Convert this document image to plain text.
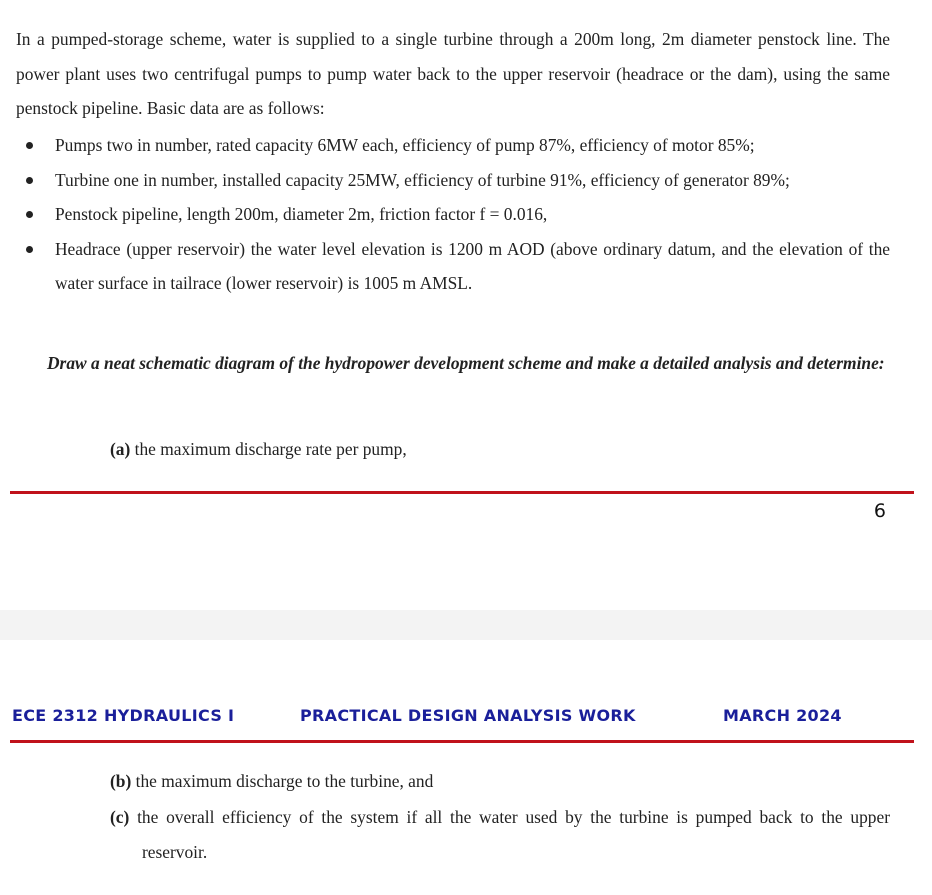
In a pumped-storage scheme, water is supplied to a single turbine through a 200m long, 2m diameter penstock line. The power plant uses two centrifugal pumps to pump water back to the upper reservoir (headrace or the dam), using the same penstock pipeline. Basic data are as follows:

Pumps two in number, rated capacity 6MW each, efficiency of pump 87%, efficiency of motor 85%;
Turbine one in number, installed capacity 25MW, efficiency of turbine 91%, efficiency of generator 89%;
Penstock pipeline, length 200m, diameter 2m, friction factor f = 0.016,
Headrace (upper reservoir) the water level elevation is 1200 m AOD (above ordinary datum, and the elevation of the water surface in tailrace (lower reservoir) is 1005 m AMSL.

Draw a neat schematic diagram of the hydropower development scheme and make a detailed analysis and determine:

(a) the maximum discharge rate per pump,
6
ECE 2312 HYDRAULICS I	PRACTICAL DESIGN ANALYSIS WORK	MARCH 2024
(b) the maximum discharge to the turbine, and
(c) the overall efficiency of the system if all the water used by the turbine is pumped back to the upper reservoir.
